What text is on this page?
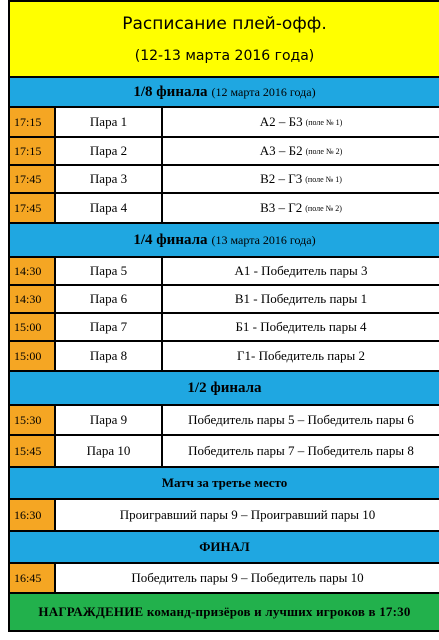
Расписание плей-офф.
(12-13 марта 2016 года)
1/8 финала (12 марта 2016 года)
17:15	Пара 1	А2 – Б3 (поле № 1)
17:15	Пара 2	А3 – Б2 (поле № 2)
17:45	Пара 3	В2 – Г3 (поле № 1)
17:45	Пара 4	В3 – Г2 (поле № 2)
1/4 финала (13 марта 2016 года)
14:30	Пара 5	А1 - Победитель пары 3
14:30	Пара 6	В1 - Победитель пары 1
15:00	Пара 7	Б1 - Победитель пары 4
15:00	Пара 8	Г1- Победитель пары 2
1/2 финала
15:30	Пара 9	Победитель пары 5 – Победитель пары 6
15:45	Пара 10	Победитель пары 7 – Победитель пары 8
Матч за третье место
16:30	Проигравший пары 9 – Проигравший пары 10
ФИНАЛ
16:45	Победитель пары 9 – Победитель пары 10
НАГРАЖДЕНИЕ команд-призёров и лучших игроков в 17:30
